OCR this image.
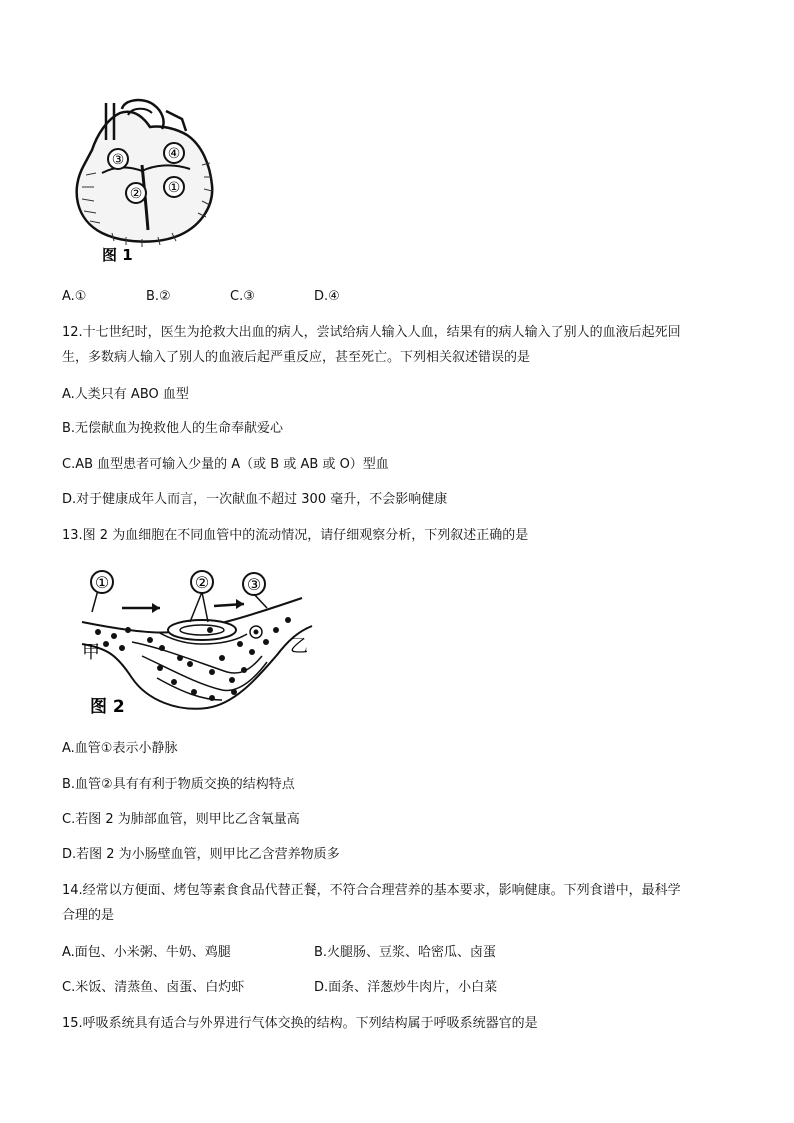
③	④
② ①
图 1
A.①	B.②	C.③	D.④
12.十七世纪时，医生为抢救大出血的病人，尝试给病人输入人血，结果有的病人输入了别人的血液后起死回
生，多数病人输入了别人的血液后起严重反应，甚至死亡。下列相关叙述错误的是
A.人类只有 ABO 血型
B.无偿献血为挽救他人的生命奉献爱心
C.AB 血型患者可输入少量的 A（或 B 或 AB 或 O）型血
D.对于健康成年人而言，一次献血不超过 300 毫升，不会影响健康
13.图 2 为血细胞在不同血管中的流动情况，请仔细观察分析，下列叙述正确的是
①	② ③
甲	乙
图 2
A.血管①表示小静脉
B.血管②具有有利于物质交换的结构特点
C.若图 2 为肺部血管，则甲比乙含氧量高
D.若图 2 为小肠壁血管，则甲比乙含营养物质多
14.经常以方便面、烤包等素食食品代替正餐，不符合合理营养的基本要求，影响健康。下列食谱中，最科学
合理的是
A.面包、小米粥、牛奶、鸡腿	B.火腿肠、豆浆、哈密瓜、卤蛋
C.米饭、清蒸鱼、卤蛋、白灼虾	D.面条、洋葱炒牛肉片，小白菜
15.呼吸系统具有适合与外界进行气体交换的结构。下列结构属于呼吸系统器官的是
